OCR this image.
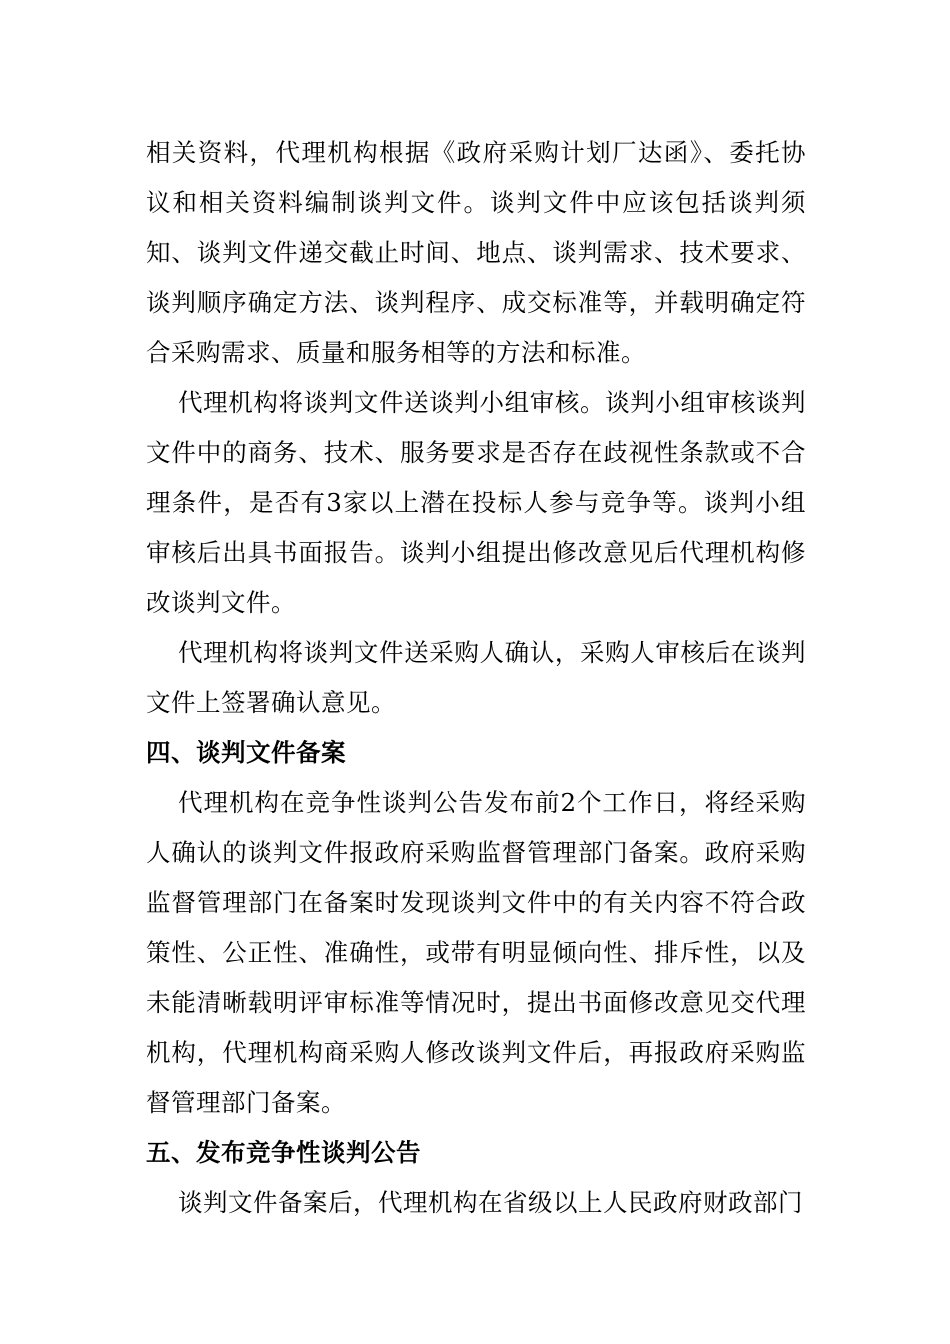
相关资料，代理机构根据《政府采购计划厂达函》、委托协议和相关资料编制谈判文件。谈判文件中应该包括谈判须知、谈判文件递交截止时间、地点、谈判需求、技术要求、谈判顺序确定方法、谈判程序、成交标准等，并载明确定符合采购需求、质量和服务相等的方法和标准。

代理机构将谈判文件送谈判小组审核。谈判小组审核谈判文件中的商务、技术、服务要求是否存在歧视性条款或不合理条件，是否有3家以上潜在投标人参与竞争等。谈判小组审核后出具书面报告。谈判小组提出修改意见后代理机构修改谈判文件。

代理机构将谈判文件送采购人确认，采购人审核后在谈判文件上签署确认意见。

四、谈判文件备案

代理机构在竞争性谈判公告发布前2个工作日，将经采购人确认的谈判文件报政府采购监督管理部门备案。政府采购监督管理部门在备案时发现谈判文件中的有关内容不符合政策性、公正性、准确性，或带有明显倾向性、排斥性，以及未能清晰载明评审标准等情况时，提出书面修改意见交代理机构，代理机构商采购人修改谈判文件后，再报政府采购监督管理部门备案。

五、发布竞争性谈判公告

谈判文件备案后，代理机构在省级以上人民政府财政部门
